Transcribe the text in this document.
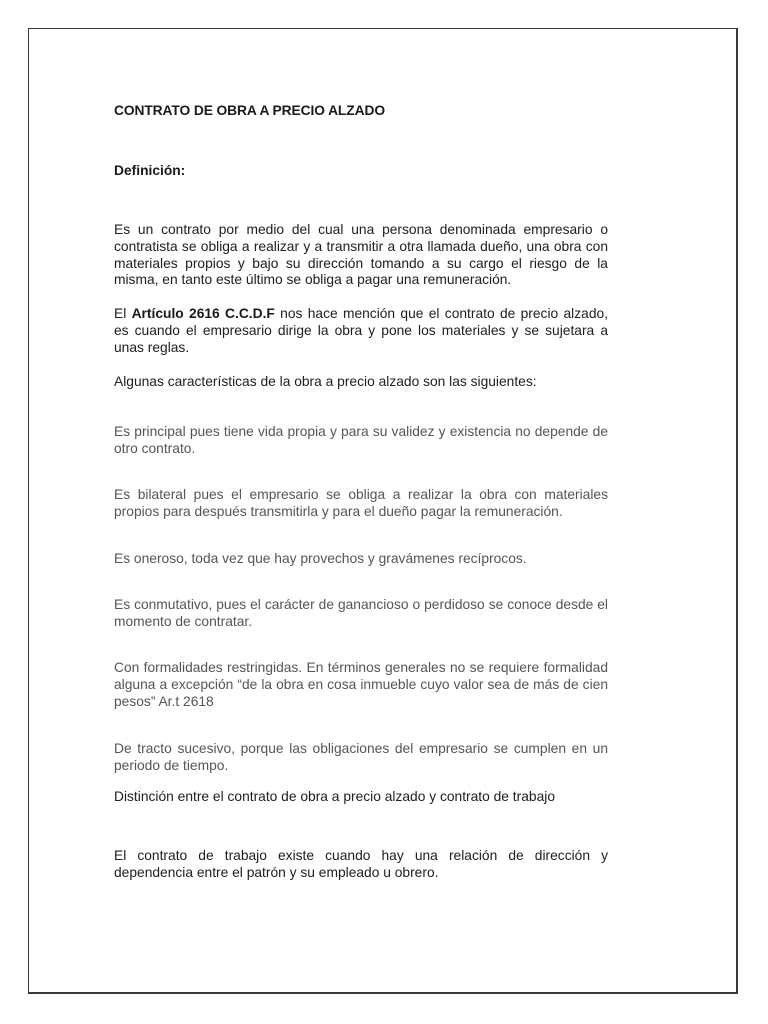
CONTRATO DE OBRA A PRECIO ALZADO
Definición:

Es un contrato por medio del cual una persona denominada empresario o contratista se obliga a realizar y a transmitir a otra llamada dueño, una obra con materiales propios y bajo su dirección tomando a su cargo el riesgo de la misma, en tanto este último se obliga a pagar una remuneración.

El Artículo 2616 C.C.D.F nos hace mención que el contrato de precio alzado, es cuando el empresario dirige la obra y pone los materiales y se sujetara a unas reglas.

Algunas características de la obra a precio alzado son las siguientes:

Es principal pues tiene vida propia y para su validez y existencia no depende de otro contrato.

Es bilateral pues el empresario se obliga a realizar la obra con materiales propios para después transmitirla y para el dueño pagar la remuneración.

Es oneroso, toda vez que hay provechos y gravámenes recíprocos.

Es conmutativo, pues el carácter de ganancioso o perdidoso se conoce desde el momento de contratar.

Con formalidades restringidas. En términos generales no se requiere formalidad alguna a excepción “de la obra en cosa inmueble cuyo valor sea de más de cien pesos” Ar.t 2618

De tracto sucesivo, porque las obligaciones del empresario se cumplen en un periodo de tiempo.

Distinción entre el contrato de obra a precio alzado y contrato de trabajo

El contrato de trabajo existe cuando hay una relación de dirección y dependencia entre el patrón y su empleado u obrero.
